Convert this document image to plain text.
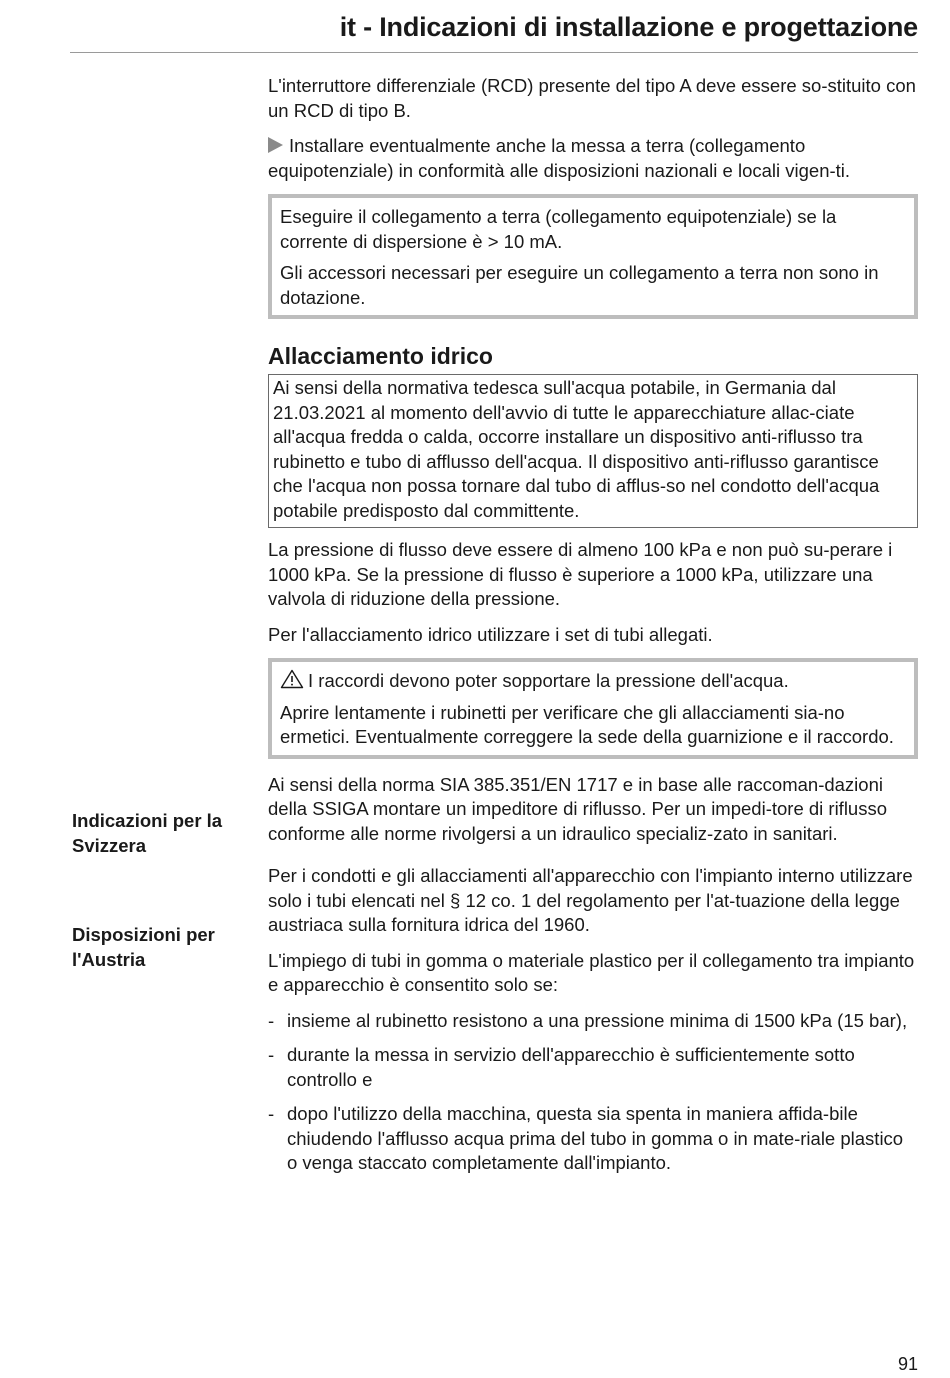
it - Indicazioni di installazione e progettazione

L'interruttore differenziale (RCD) presente del tipo A deve essere so-stituito con un RCD di tipo B.

Installare eventualmente anche la messa a terra (collegamento equipotenziale) in conformità alle disposizioni nazionali e locali vigen-ti.

Eseguire il collegamento a terra (collegamento equipotenziale) se la corrente di dispersione è > 10 mA.

Gli accessori necessari per eseguire un collegamento a terra non sono in dotazione.

Allacciamento idrico
Ai sensi della normativa tedesca sull'acqua potabile, in Germania dal 21.03.2021 al momento dell'avvio di tutte le apparecchiature allac-ciate all'acqua fredda o calda, occorre installare un dispositivo anti-riflusso tra rubinetto e tubo di afflusso dell'acqua. Il dispositivo anti-riflusso garantisce che l'acqua non possa tornare dal tubo di afflus-so nel condotto dell'acqua potabile predisposto dal committente.

La pressione di flusso deve essere di almeno 100 kPa e non può su-perare i 1000 kPa. Se la pressione di flusso è superiore a 1000 kPa, utilizzare una valvola di riduzione della pressione.

Per l'allacciamento idrico utilizzare i set di tubi allegati.

I raccordi devono poter sopportare la pressione dell'acqua.

Aprire lentamente i rubinetti per verificare che gli allacciamenti sia-no ermetici. Eventualmente correggere la sede della guarnizione e il raccordo.

Ai sensi della norma SIA 385.351/EN 1717 e in base alle raccoman-dazioni della SSIGA montare un impeditore di riflusso. Per un impedi-tore di riflusso conforme alle norme rivolgersi a un idraulico specializ-zato in sanitari.

Per i condotti e gli allacciamenti all'apparecchio con l'impianto interno utilizzare solo i tubi elencati nel § 12 co. 1 del regolamento per l'at-tuazione della legge austriaca sulla fornitura idrica del 1960.

L'impiego di tubi in gomma o materiale plastico per il collegamento tra impianto e apparecchio è consentito solo se:

- insieme al rubinetto resistono a una pressione minima di 1500 kPa (15 bar),
- durante la messa in servizio dell'apparecchio è sufficientemente sotto controllo e
- dopo l'utilizzo della macchina, questa sia spenta in maniera affida-bile chiudendo l'afflusso acqua prima del tubo in gomma o in mate-riale plastico o venga staccato completamente dall'impianto.

Indicazioni per la

Svizzera

Disposizioni per

l'Austria

91
